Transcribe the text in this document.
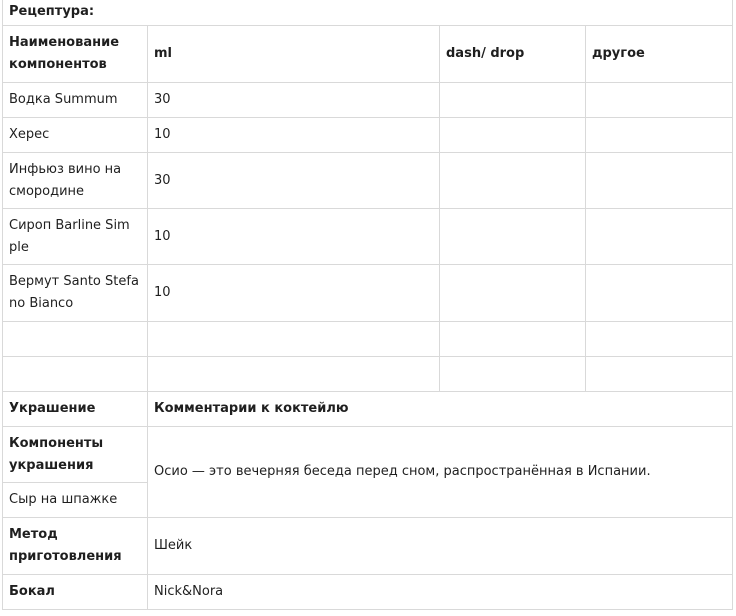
Рецептура:			
Наименование компонентов	ml	dash/ drop	другое
Водка Summum	30		
Херес	10		
Инфьюз вино на смородине	30		
Сироп Barline Sim ple	10		
Вермут Santo Stefa no Bianco	10		

Украшение	Комментарии к коктейлю		
Компоненты украшения	Осио — это вечерняя беседа перед сном, распространённая в Испании.		
Сыр на шпажке			
Метод приготовления	Шейк		
Бокал	Nick&Nora		
